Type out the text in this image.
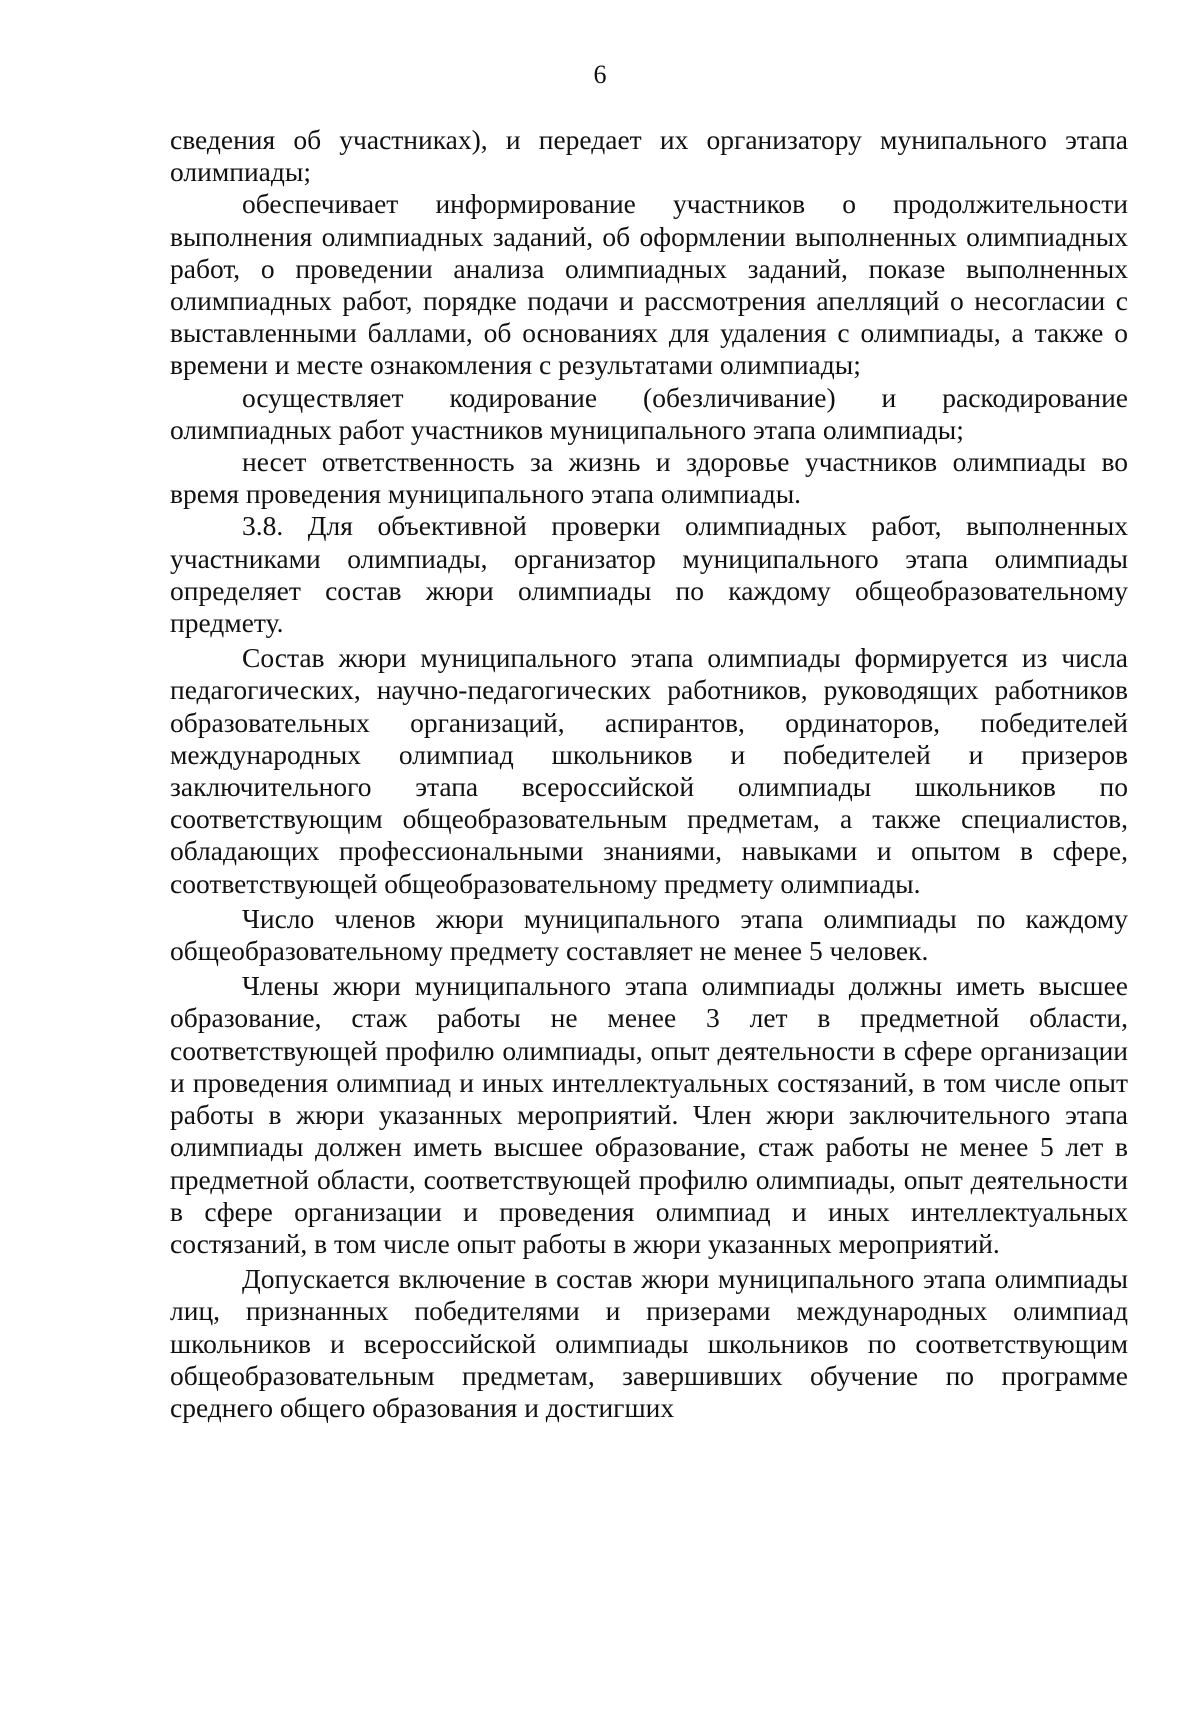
6

сведения об участниках), и передает их организатору мунипального этапа олимпиады;

обеспечивает информирование участников о продолжительности выполнения олимпиадных заданий, об оформлении выполненных олимпиадных работ, о проведении анализа олимпиадных заданий, показе выполненных олимпиадных работ, порядке подачи и рассмотрения апелляций о несогласии с выставленными баллами, об основаниях для удаления с олимпиады, а также о времени и месте ознакомления с результатами олимпиады;

осуществляет кодирование (обезличивание) и раскодирование олимпиадных работ участников муниципального этапа олимпиады;

несет ответственность за жизнь и здоровье участников олимпиады во время проведения муниципального этапа олимпиады.

3.8. Для объективной проверки олимпиадных работ, выполненных участниками олимпиады, организатор муниципального этапа олимпиады определяет состав жюри олимпиады по каждому общеобразовательному предмету.

Состав жюри муниципального этапа олимпиады формируется из числа педагогических, научно-педагогических работников, руководящих работников образовательных организаций, аспирантов, ординаторов, победителей международных олимпиад школьников и победителей и призеров заключительного этапа всероссийской олимпиады школьников по соответствующим общеобразовательным предметам, а также специалистов, обладающих профессиональными знаниями, навыками и опытом в сфере, соответствующей общеобразовательному предмету олимпиады.

Число членов жюри муниципального этапа олимпиады по каждому общеобразовательному предмету составляет не менее 5 человек.

Члены жюри муниципального этапа олимпиады должны иметь высшее образование, стаж работы не менее 3 лет в предметной области, соответствующей профилю олимпиады, опыт деятельности в сфере организации и проведения олимпиад и иных интеллектуальных состязаний, в том числе опыт работы в жюри указанных мероприятий. Член жюри заключительного этапа олимпиады должен иметь высшее образование, стаж работы не менее 5 лет в предметной области, соответствующей профилю олимпиады, опыт деятельности в сфере организации и проведения олимпиад и иных интеллектуальных состязаний, в том числе опыт работы в жюри указанных мероприятий.

Допускается включение в состав жюри муниципального этапа олимпиады лиц, признанных победителями и призерами международных олимпиад школьников и всероссийской олимпиады школьников по соответствующим общеобразовательным предметам, завершивших обучение по программе среднего общего образования и достигших
